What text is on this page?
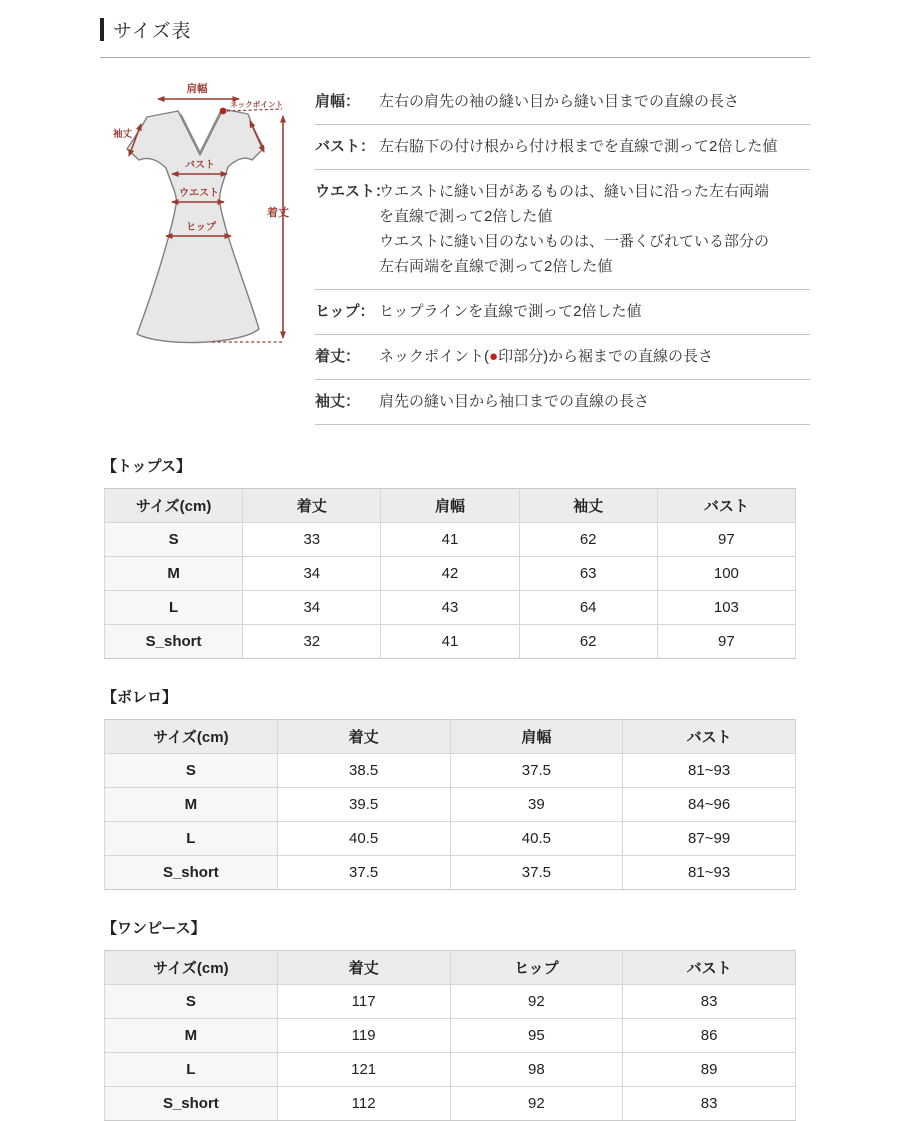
サイズ表
肩幅
ネックポイント
袖丈
バスト
ウエスト
ヒップ
着丈
肩幅： 左右の肩先の袖の縫い目から縫い目までの直線の長さ
バスト： 左右脇下の付け根から付け根までを直線で測って2倍した値
ウエスト：
ウエストに縫い目があるものは、縫い目に沿った左右両端
を直線で測って2倍した値
ウエストに縫い目のないものは、一番くびれている部分の
左右両端を直線で測って2倍した値
ヒップ： ヒップラインを直線で測って2倍した値
着丈： ネックポイント(●印部分)から裾までの直線の長さ
袖丈： 肩先の縫い目から袖口までの直線の長さ
【トップス】
サイズ(cm)	着丈	肩幅	袖丈	バスト
S	33	41	62	97
M	34	42	63	100
L	34	43	64	103
S_short	32	41	62	97
【ボレロ】
サイズ(cm)	着丈	肩幅	バスト
S	38.5	37.5	81~93
M	39.5	39	84~96
L	40.5	40.5	87~99
S_short	37.5	37.5	81~93
【ワンピース】
サイズ(cm)	着丈	ヒップ	バスト
S	117	92	83
M	119	95	86
L	121	98	89
S_short	112	92	83
